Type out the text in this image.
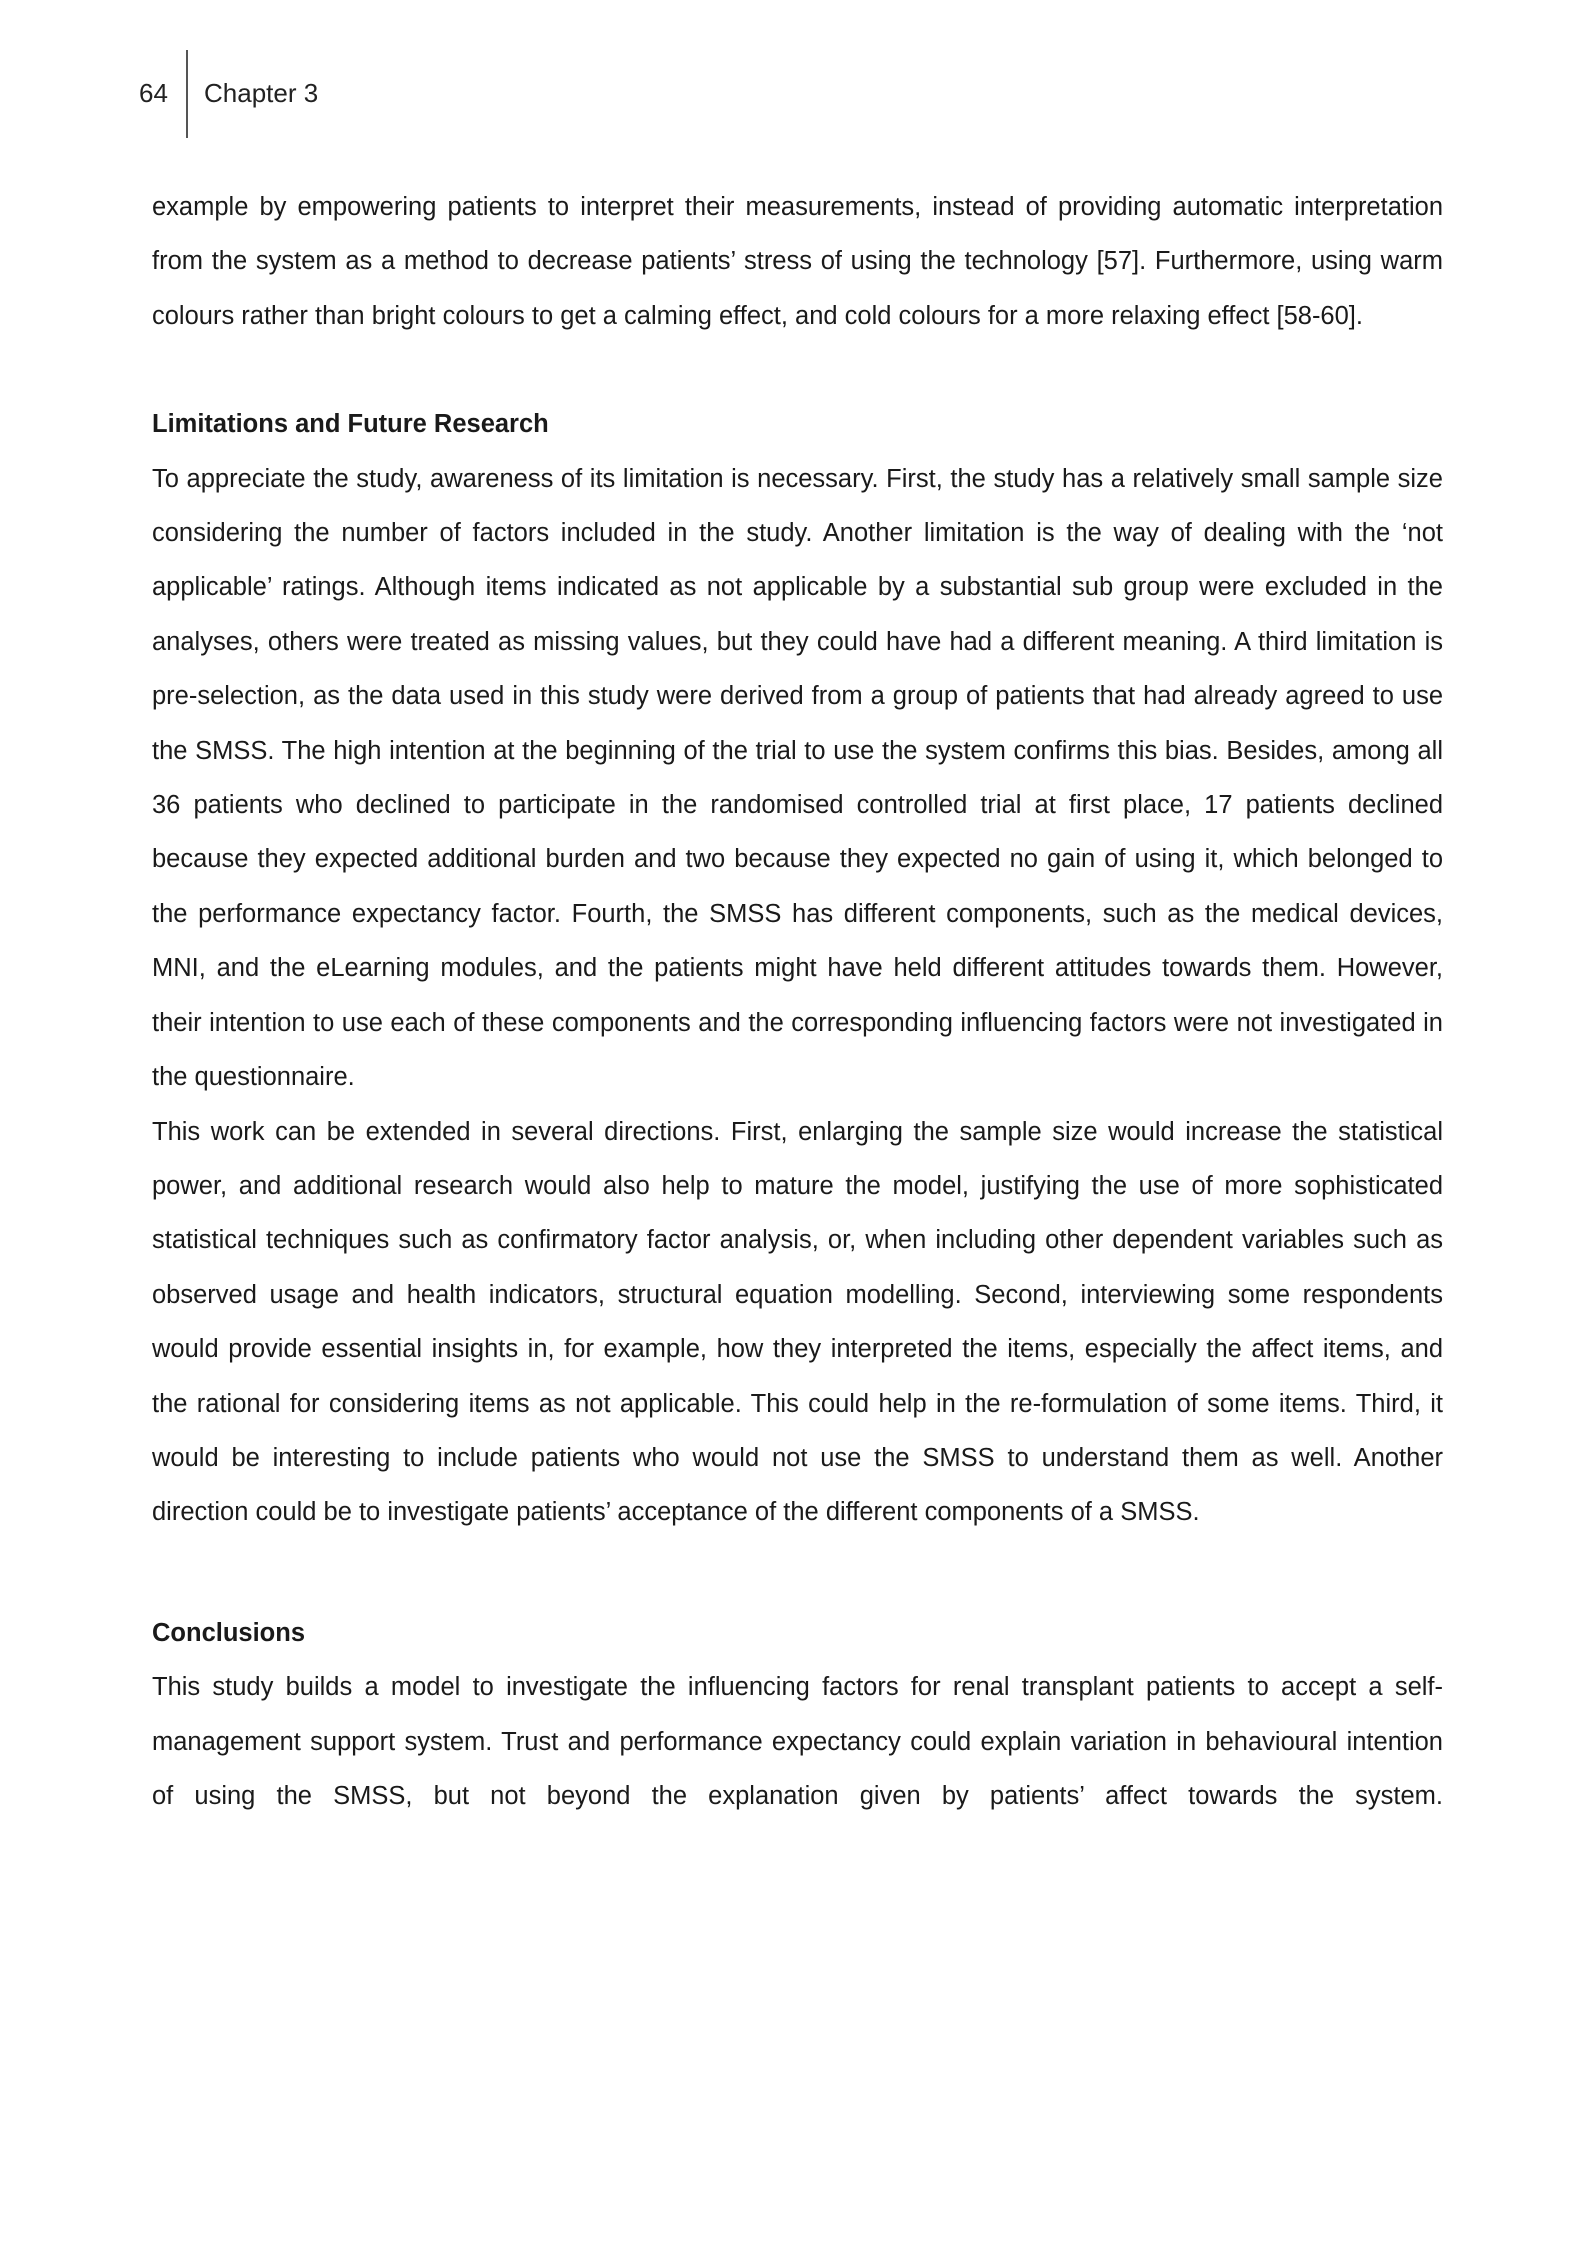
64 Chapter 3

example by empowering patients to interpret their measurements, instead of providing automatic interpretation from the system as a method to decrease patients’ stress of using the technology [57]. Furthermore, using warm colours rather than bright colours to get a calming effect, and cold colours for a more relaxing effect [58-60].

Limitations and Future Research

To appreciate the study, awareness of its limitation is necessary. First, the study has a relatively small sample size considering the number of factors included in the study. Another limitation is the way of dealing with the ‘not applicable’ ratings. Although items indicated as not applicable by a substantial sub group were excluded in the analyses, others were treated as missing values, but they could have had a different meaning. A third limitation is pre-selection, as the data used in this study were derived from a group of patients that had already agreed to use the SMSS. The high intention at the beginning of the trial to use the system confirms this bias. Besides, among all 36 patients who declined to participate in the randomised controlled trial at first place, 17 patients declined because they expected additional burden and two because they expected no gain of using it, which belonged to the performance expectancy factor. Fourth, the SMSS has different components, such as the medical devices, MNI, and the eLearning modules, and the patients might have held different attitudes towards them. However, their intention to use each of these components and the corresponding influencing factors were not investigated in the questionnaire.

This work can be extended in several directions. First, enlarging the sample size would increase the statistical power, and additional research would also help to mature the model, justifying the use of more sophisticated statistical techniques such as confirmatory factor analysis, or, when including other dependent variables such as observed usage and health indicators, structural equation modelling. Second, interviewing some respondents would provide essential insights in, for example, how they interpreted the items, especially the affect items, and the rational for considering items as not applicable. This could help in the re-formulation of some items. Third, it would be interesting to include patients who would not use the SMSS to understand them as well. Another direction could be to investigate patients’ acceptance of the different components of a SMSS.

Conclusions

This study builds a model to investigate the influencing factors for renal transplant patients to accept a self-management support system. Trust and performance expectancy could explain variation in behavioural intention of using the SMSS, but not beyond the explanation given by patients’ affect towards the system.
